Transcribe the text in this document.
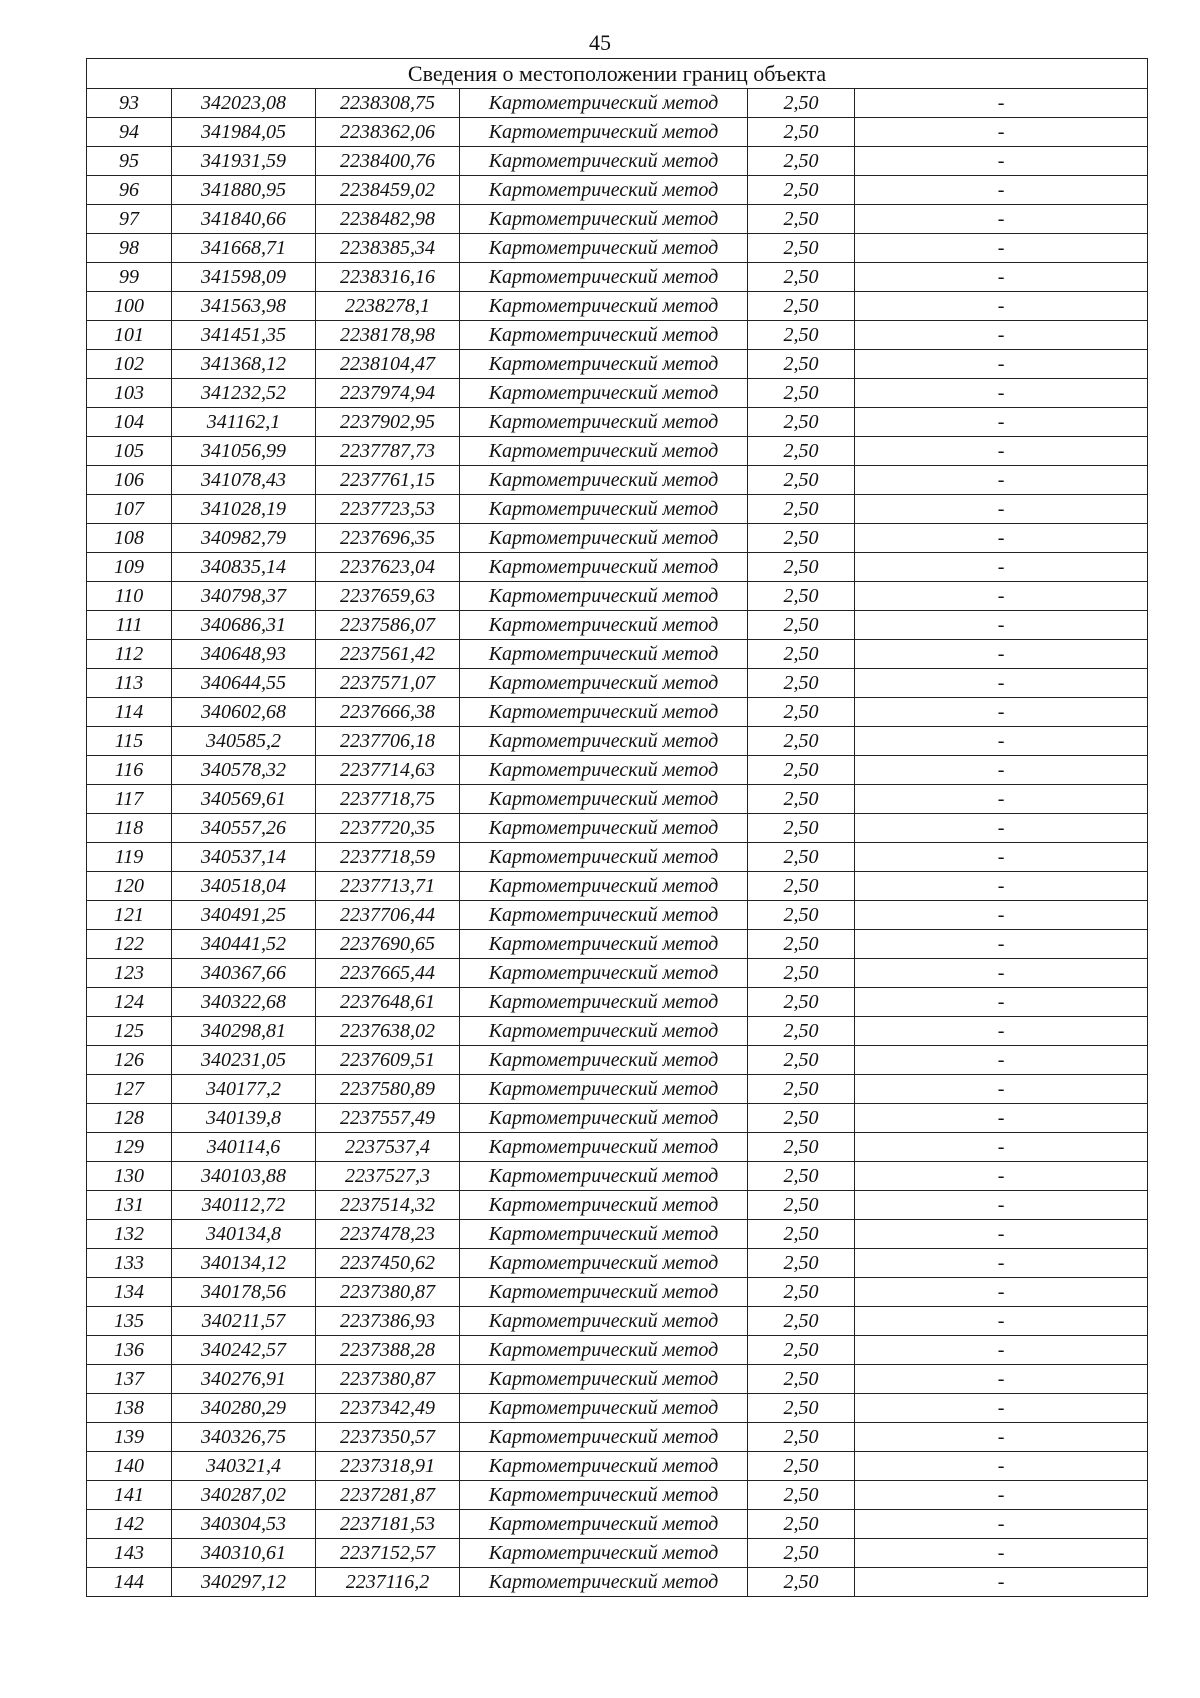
45
Сведения о местоположении границ объекта					
93	342023,08	2238308,75	Картометрический метод	2,50	-
94	341984,05	2238362,06	Картометрический метод	2,50	-
95	341931,59	2238400,76	Картометрический метод	2,50	-
96	341880,95	2238459,02	Картометрический метод	2,50	-
97	341840,66	2238482,98	Картометрический метод	2,50	-
98	341668,71	2238385,34	Картометрический метод	2,50	-
99	341598,09	2238316,16	Картометрический метод	2,50	-
100	341563,98	2238278,1	Картометрический метод	2,50	-
101	341451,35	2238178,98	Картометрический метод	2,50	-
102	341368,12	2238104,47	Картометрический метод	2,50	-
103	341232,52	2237974,94	Картометрический метод	2,50	-
104	341162,1	2237902,95	Картометрический метод	2,50	-
105	341056,99	2237787,73	Картометрический метод	2,50	-
106	341078,43	2237761,15	Картометрический метод	2,50	-
107	341028,19	2237723,53	Картометрический метод	2,50	-
108	340982,79	2237696,35	Картометрический метод	2,50	-
109	340835,14	2237623,04	Картометрический метод	2,50	-
110	340798,37	2237659,63	Картометрический метод	2,50	-
111	340686,31	2237586,07	Картометрический метод	2,50	-
112	340648,93	2237561,42	Картометрический метод	2,50	-
113	340644,55	2237571,07	Картометрический метод	2,50	-
114	340602,68	2237666,38	Картометрический метод	2,50	-
115	340585,2	2237706,18	Картометрический метод	2,50	-
116	340578,32	2237714,63	Картометрический метод	2,50	-
117	340569,61	2237718,75	Картометрический метод	2,50	-
118	340557,26	2237720,35	Картометрический метод	2,50	-
119	340537,14	2237718,59	Картометрический метод	2,50	-
120	340518,04	2237713,71	Картометрический метод	2,50	-
121	340491,25	2237706,44	Картометрический метод	2,50	-
122	340441,52	2237690,65	Картометрический метод	2,50	-
123	340367,66	2237665,44	Картометрический метод	2,50	-
124	340322,68	2237648,61	Картометрический метод	2,50	-
125	340298,81	2237638,02	Картометрический метод	2,50	-
126	340231,05	2237609,51	Картометрический метод	2,50	-
127	340177,2	2237580,89	Картометрический метод	2,50	-
128	340139,8	2237557,49	Картометрический метод	2,50	-
129	340114,6	2237537,4	Картометрический метод	2,50	-
130	340103,88	2237527,3	Картометрический метод	2,50	-
131	340112,72	2237514,32	Картометрический метод	2,50	-
132	340134,8	2237478,23	Картометрический метод	2,50	-
133	340134,12	2237450,62	Картометрический метод	2,50	-
134	340178,56	2237380,87	Картометрический метод	2,50	-
135	340211,57	2237386,93	Картометрический метод	2,50	-
136	340242,57	2237388,28	Картометрический метод	2,50	-
137	340276,91	2237380,87	Картометрический метод	2,50	-
138	340280,29	2237342,49	Картометрический метод	2,50	-
139	340326,75	2237350,57	Картометрический метод	2,50	-
140	340321,4	2237318,91	Картометрический метод	2,50	-
141	340287,02	2237281,87	Картометрический метод	2,50	-
142	340304,53	2237181,53	Картометрический метод	2,50	-
143	340310,61	2237152,57	Картометрический метод	2,50	-
144	340297,12	2237116,2	Картометрический метод	2,50	-
